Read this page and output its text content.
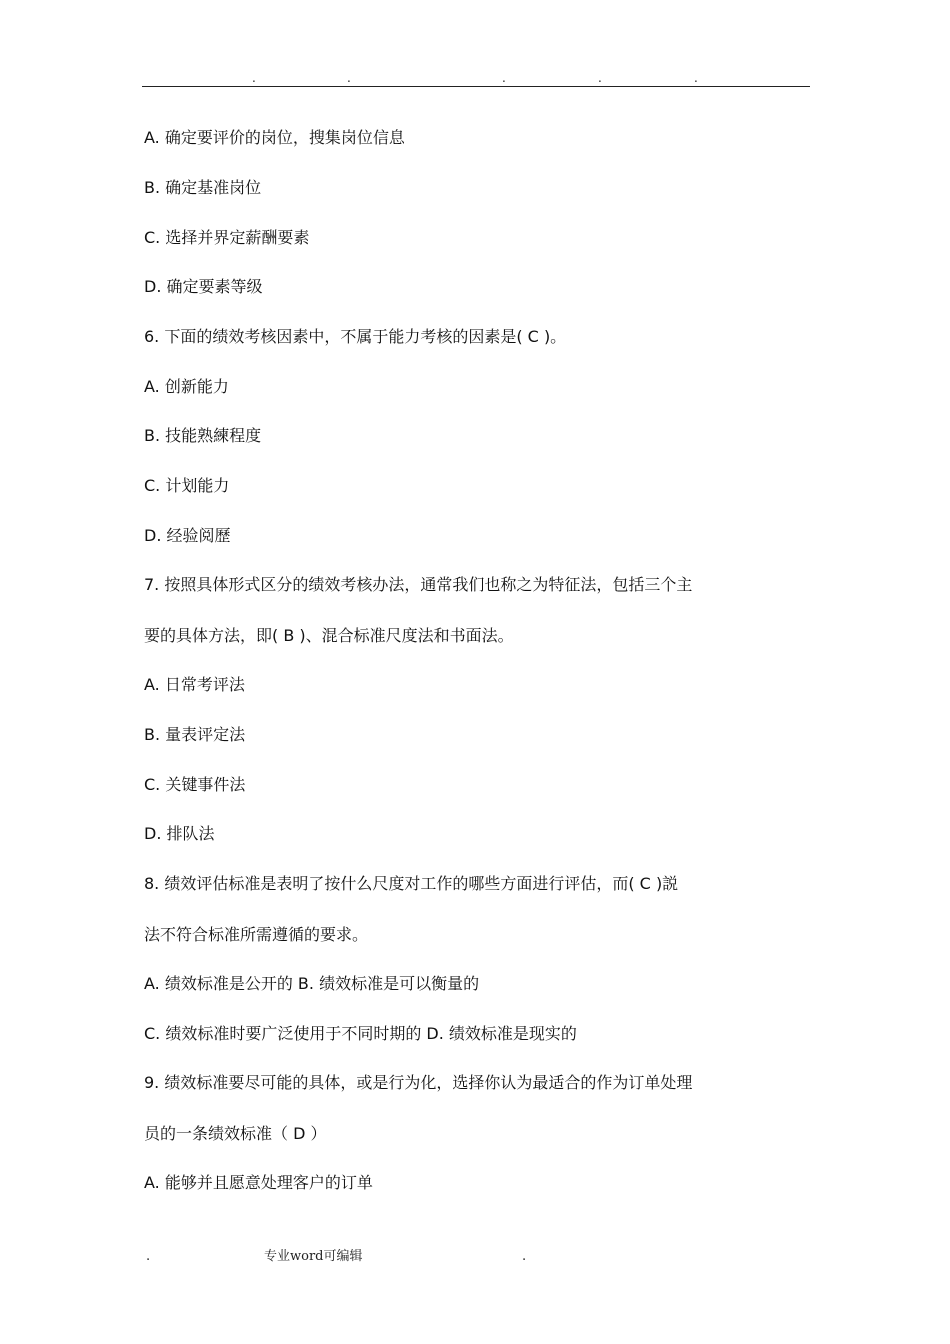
.	.	.	.	.
A. 确定要评价的岗位，搜集岗位信息
B. 确定基准岗位
C. 选择并界定薪酬要素
D. 确定要素等级
6. 下面的绩效考核因素中，不属于能力考核的因素是( C )。
A. 创新能力
B. 技能熟練程度
C. 计划能力
D. 经验阅歷
7. 按照具体形式区分的绩效考核办法，通常我们也称之为特征法，包括三个主
要的具体方法，即( B )、混合标准尺度法和书面法。
A. 日常考评法
B. 量表评定法
C. 关键事件法
D. 排队法
8. 绩效评估标准是表明了按什么尺度对工作的哪些方面进行评估，而( C )説
法不符合标准所需遵循的要求。
A. 绩效标准是公开的 B. 绩效标准是可以衡量的
C. 绩效标准时要广泛使用于不同时期的 D. 绩效标准是现实的
9. 绩效标准要尽可能的具体，或是行为化，选择你认为最适合的作为订单处理
员的一条绩效标准（ D ）
A. 能够并且愿意处理客户的订单
.	专业word可编辑	.
